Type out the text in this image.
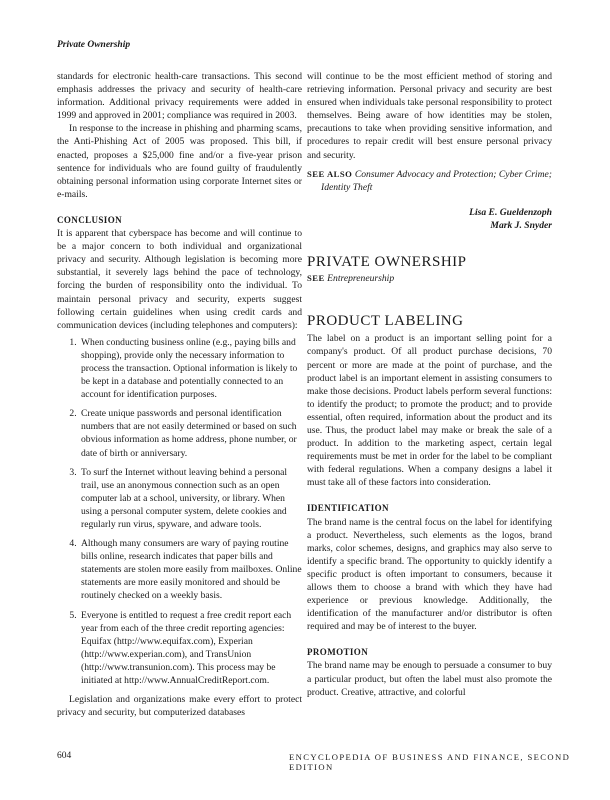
Private Ownership

standards for electronic health-care transactions. This second emphasis addresses the privacy and security of health-care information. Additional privacy requirements were added in 1999 and approved in 2001; compliance was required in 2003.

In response to the increase in phishing and pharming scams, the Anti-Phishing Act of 2005 was proposed. This bill, if enacted, proposes a $25,000 fine and/or a five-year prison sentence for individuals who are found guilty of fraudulently obtaining personal information using corporate Internet sites or e-mails.

CONCLUSION

It is apparent that cyberspace has become and will continue to be a major concern to both individual and organizational privacy and security. Although legislation is becoming more substantial, it severely lags behind the pace of technology, forcing the burden of responsibility onto the individual. To maintain personal privacy and security, experts suggest following certain guidelines when using credit cards and communication devices (including telephones and computers):

1. When conducting business online (e.g., paying bills and shopping), provide only the necessary information to process the transaction. Optional information is likely to be kept in a database and potentially connected to an account for identification purposes.
2. Create unique passwords and personal identification numbers that are not easily determined or based on such obvious information as home address, phone number, or date of birth or anniversary.
3. To surf the Internet without leaving behind a personal trail, use an anonymous connection such as an open computer lab at a school, university, or library. When using a personal computer system, delete cookies and regularly run virus, spyware, and adware tools.
4. Although many consumers are wary of paying routine bills online, research indicates that paper bills and statements are stolen more easily from mailboxes. Online statements are more easily monitored and should be routinely checked on a weekly basis.
5. Everyone is entitled to request a free credit report each year from each of the three credit reporting agencies: Equifax (http://www.equifax.com), Experian (http://www.experian.com), and TransUnion (http://www.transunion.com). This process may be initiated at http://www.AnnualCreditReport.com.

Legislation and organizations make every effort to protect privacy and security, but computerized databases

will continue to be the most efficient method of storing and retrieving information. Personal privacy and security are best ensured when individuals take personal responsibility to protect themselves. Being aware of how identities may be stolen, precautions to take when providing sensitive information, and procedures to repair credit will best ensure personal privacy and security.

SEE ALSO Consumer Advocacy and Protection; Cyber Crime; Identity Theft

Lisa E. Gueldenzoph

Mark J. Snyder

PRIVATE OWNERSHIP

SEE Entrepreneurship

PRODUCT LABELING

The label on a product is an important selling point for a company's product. Of all product purchase decisions, 70 percent or more are made at the point of purchase, and the product label is an important element in assisting consumers to make those decisions. Product labels perform several functions: to identify the product; to promote the product; and to provide essential, often required, information about the product and its use. Thus, the product label may make or break the sale of a product. In addition to the marketing aspect, certain legal requirements must be met in order for the label to be compliant with federal regulations. When a company designs a label it must take all of these factors into consideration.

IDENTIFICATION

The brand name is the central focus on the label for identifying a product. Nevertheless, such elements as the logos, brand marks, color schemes, designs, and graphics may also serve to identify a specific brand. The opportunity to quickly identify a specific product is often important to consumers, because it allows them to choose a brand with which they have had experience or previous knowledge. Additionally, the identification of the manufacturer and/or distributor is often required and may be of interest to the buyer.

PROMOTION

The brand name may be enough to persuade a consumer to buy a particular product, but often the label must also promote the product. Creative, attractive, and colorful

604	ENCYCLOPEDIA OF BUSINESS AND FINANCE, SECOND EDITION
